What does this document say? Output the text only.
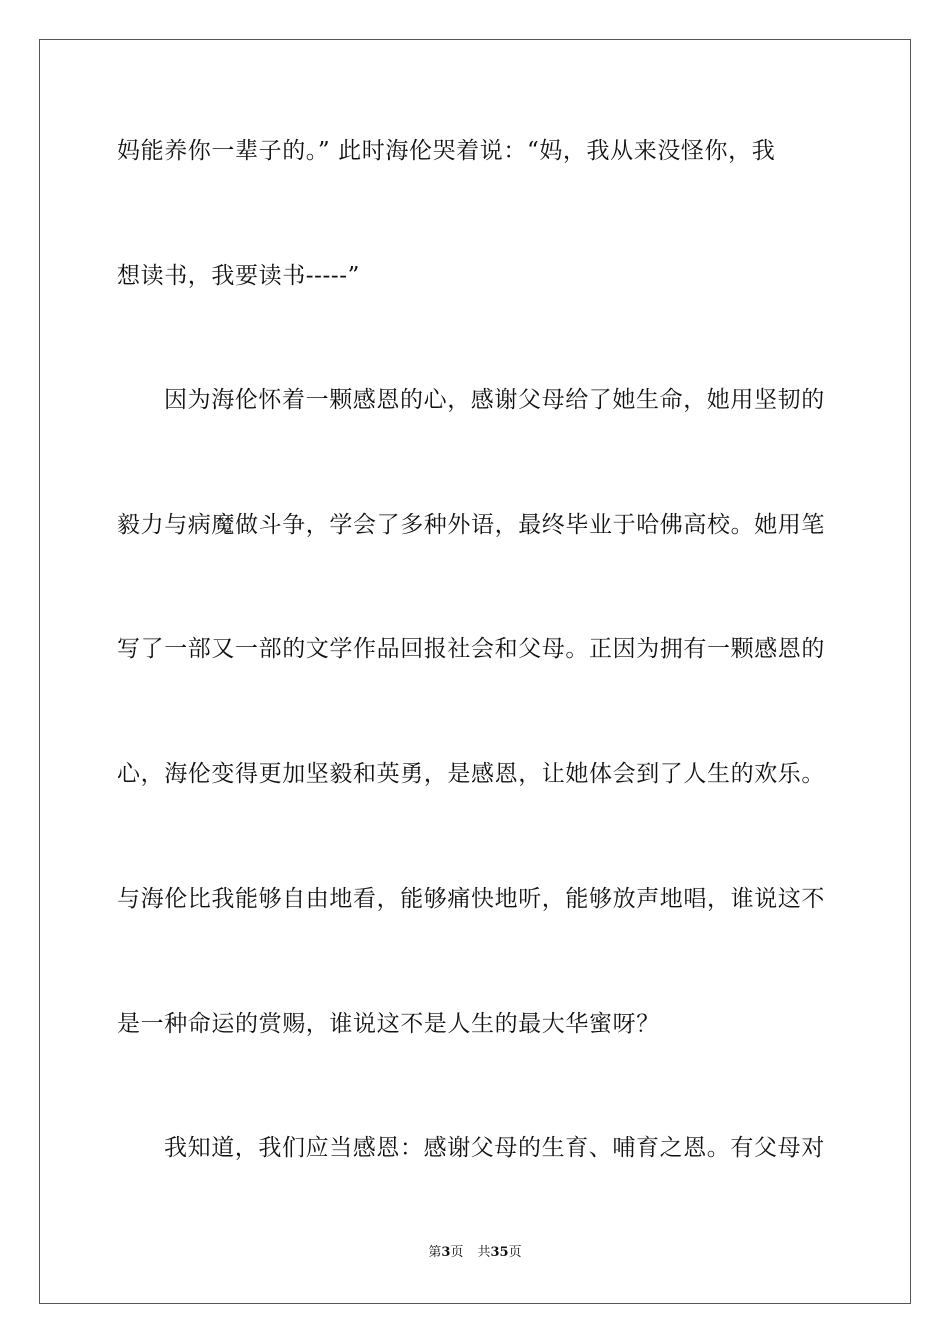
妈能养你一辈子的。” 此时海伦哭着说：“妈，我从来没怪你，我
想读书，我要读书-----”
因为海伦怀着一颗感恩的心，感谢父母给了她生命，她用坚韧的
毅力与病魔做斗争，学会了多种外语，最终毕业于哈佛高校。她用笔
写了一部又一部的文学作品回报社会和父母。正因为拥有一颗感恩的
心，海伦变得更加坚毅和英勇，是感恩，让她体会到了人生的欢乐。
与海伦比我能够自由地看，能够痛快地听，能够放声地唱，谁说这不
是一种命运的赏赐，谁说这不是人生的最大华蜜呀？
我知道，我们应当感恩：感谢父母的生育、哺育之恩。有父母对
第3页 共35页
